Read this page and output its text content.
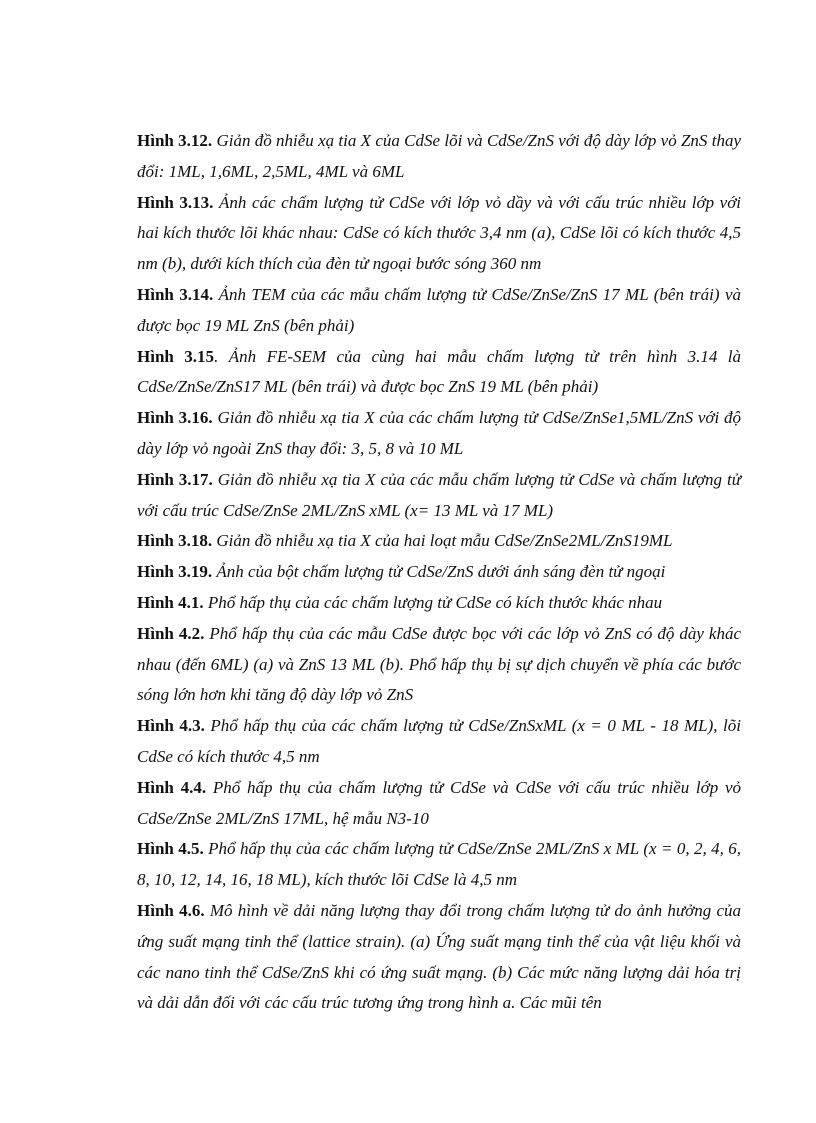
Hình 3.12. Giản đồ nhiễu xạ tia X của CdSe lõi và CdSe/ZnS với độ dày lớp vỏ ZnS thay đổi: 1ML, 1,6ML, 2,5ML, 4ML và 6ML

Hình 3.13. Ảnh các chấm lượng tử CdSe với lớp vỏ dầy và với cấu trúc nhiều lớp với hai kích thước lõi khác nhau: CdSe có kích thước 3,4 nm (a), CdSe lõi có kích thước 4,5 nm (b), dưới kích thích của đèn tử ngoại bước sóng 360 nm

Hình 3.14. Ảnh TEM của các mẫu chấm lượng tử CdSe/ZnSe/ZnS 17 ML (bên trái) và được bọc 19 ML ZnS (bên phải)

Hình 3.15. Ảnh FE-SEM của cùng hai mẫu chấm lượng tử trên hình 3.14 là CdSe/ZnSe/ZnS17 ML (bên trái) và được bọc ZnS 19 ML (bên phải)

Hình 3.16. Giản đồ nhiễu xạ tia X của các chấm lượng tử CdSe/ZnSe1,5ML/ZnS với độ dày lớp vỏ ngoài ZnS thay đổi: 3, 5, 8 và 10 ML

Hình 3.17. Giản đồ nhiễu xạ tia X của các mẫu chấm lượng tử CdSe và chấm lượng tử với cấu trúc CdSe/ZnSe 2ML/ZnS xML (x= 13 ML và 17 ML)

Hình 3.18. Giản đồ nhiễu xạ tia X của hai loạt mẫu CdSe/ZnSe2ML/ZnS19ML

Hình 3.19. Ảnh của bột chấm lượng tử CdSe/ZnS dưới ánh sáng đèn tử ngoại

Hình 4.1. Phổ hấp thụ của các chấm lượng tử CdSe có kích thước khác nhau

Hình 4.2. Phổ hấp thụ của các mẫu CdSe được bọc với các lớp vỏ ZnS có độ dày khác nhau (đến 6ML) (a) và ZnS 13 ML (b). Phổ hấp thụ bị sự dịch chuyển về phía các bước sóng lớn hơn khi tăng độ dày lớp vỏ ZnS

Hình 4.3. Phổ hấp thụ của các chấm lượng tử CdSe/ZnSxML (x = 0 ML - 18 ML), lõi CdSe có kích thước 4,5 nm

Hình 4.4. Phổ hấp thụ của chấm lượng tử CdSe và CdSe với cấu trúc nhiều lớp vỏ CdSe/ZnSe 2ML/ZnS 17ML, hệ mẫu N3-10

Hình 4.5. Phổ hấp thụ của các chấm lượng tử CdSe/ZnSe 2ML/ZnS x ML (x = 0, 2, 4, 6, 8, 10, 12, 14, 16, 18 ML), kích thước lõi CdSe là 4,5 nm

Hình 4.6. Mô hình về dải năng lượng thay đổi trong chấm lượng tử do ảnh hưởng của ứng suất mạng tinh thể (lattice strain). (a) Ứng suất mạng tinh thể của vật liệu khối và các nano tinh thể CdSe/ZnS khi có ứng suất mạng. (b) Các mức năng lượng dải hóa trị và dải dẫn đối với các cấu trúc tương ứng trong hình a. Các mũi tên
